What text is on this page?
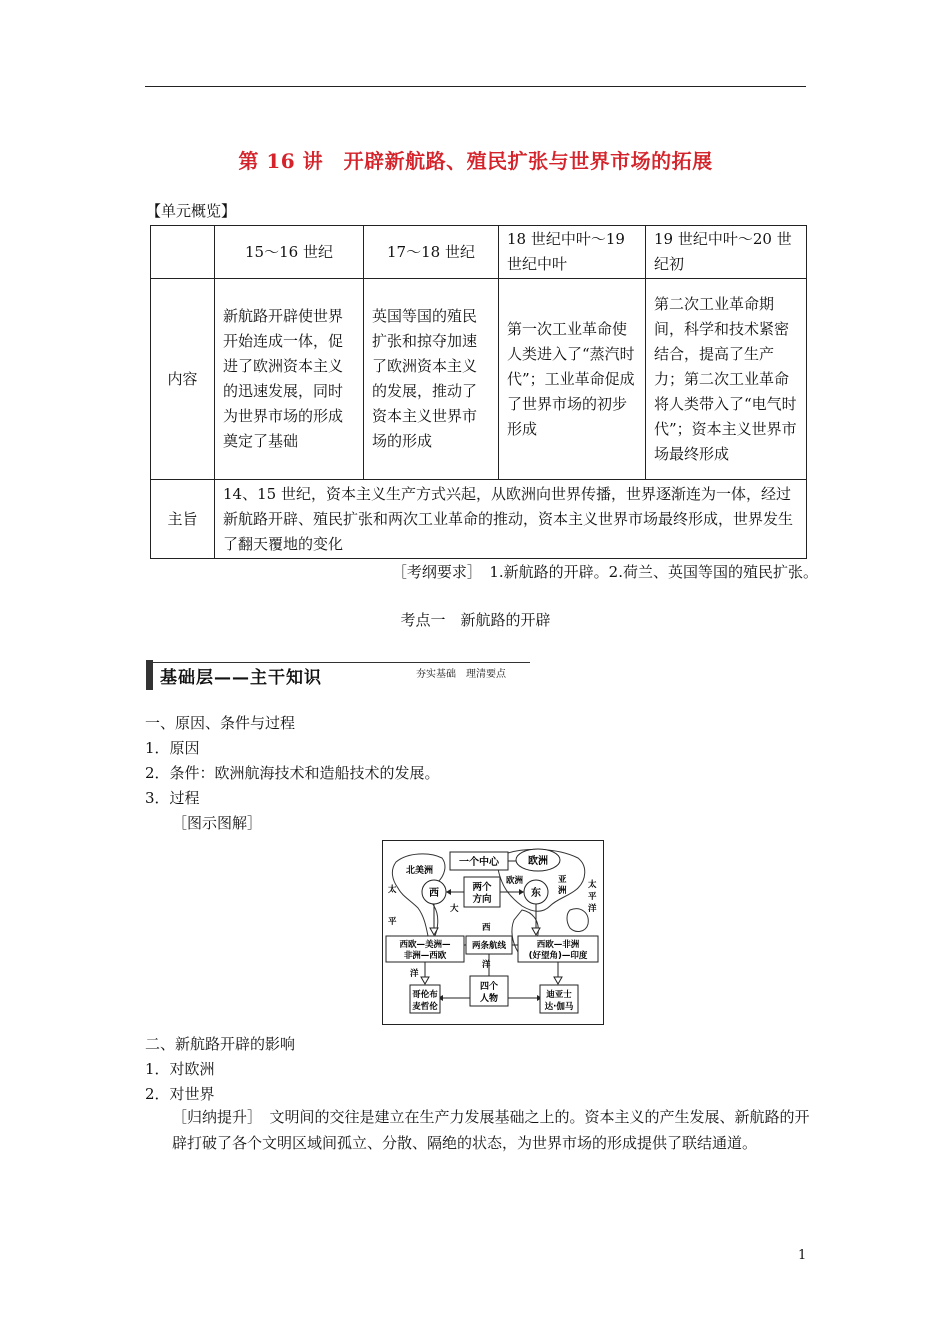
第 16 讲　开辟新航路、殖民扩张与世界市场的拓展
【单元概览】
	15～16 世纪	17～18 世纪	18 世纪中叶～19 世纪中叶	19 世纪中叶～20 世纪初
内容	新航路开辟使世界开始连成一体，促进了欧洲资本主义的迅速发展，同时为世界市场的形成奠定了基础	英国等国的殖民扩张和掠夺加速了欧洲资本主义的发展，推动了资本主义世界市场的形成	第一次工业革命使人类进入了“蒸汽时代”；工业革命促成了世界市场的初步形成	第二次工业革命期间，科学和技术紧密结合，提高了生产力；第二次工业革命将人类带入了“电气时代”；资本主义世界市场最终形成
主旨	14、15 世纪，资本主义生产方式兴起，从欧洲向世界传播，世界逐渐连为一体，经过新航路开辟、殖民扩张和两次工业革命的推动，资本主义世界市场最终形成，世界发生了翻天覆地的变化			
［考纲要求］　1.新航路的开辟。2.荷兰、英国等国的殖民扩张。
考点一　新航路的开辟
基础层——主干知识	夯实基础　理清要点
一、原因、条件与过程
1．原因
2．条件：欧洲航海技术和造船技术的发展。
3．过程
［图示图解］
一个中心	欧洲
北美洲
西	东
两个
方向
欧洲	亚
洲
太
平
洋
太
平
洋
大
西
洋
西欧—美洲—
非洲—西欧
两条航线	西欧—非洲
(好望角)—印度
哥伦布
麦哲伦
四个
人物	迪亚士
达·伽马
二、新航路开辟的影响
1．对欧洲
2．对世界
［归纳提升］　文明间的交往是建立在生产力发展基础之上的。资本主义的产生发展、新航路的开辟打破了各个文明区域间孤立、分散、隔绝的状态，为世界市场的形成提供了联结通道。
1
